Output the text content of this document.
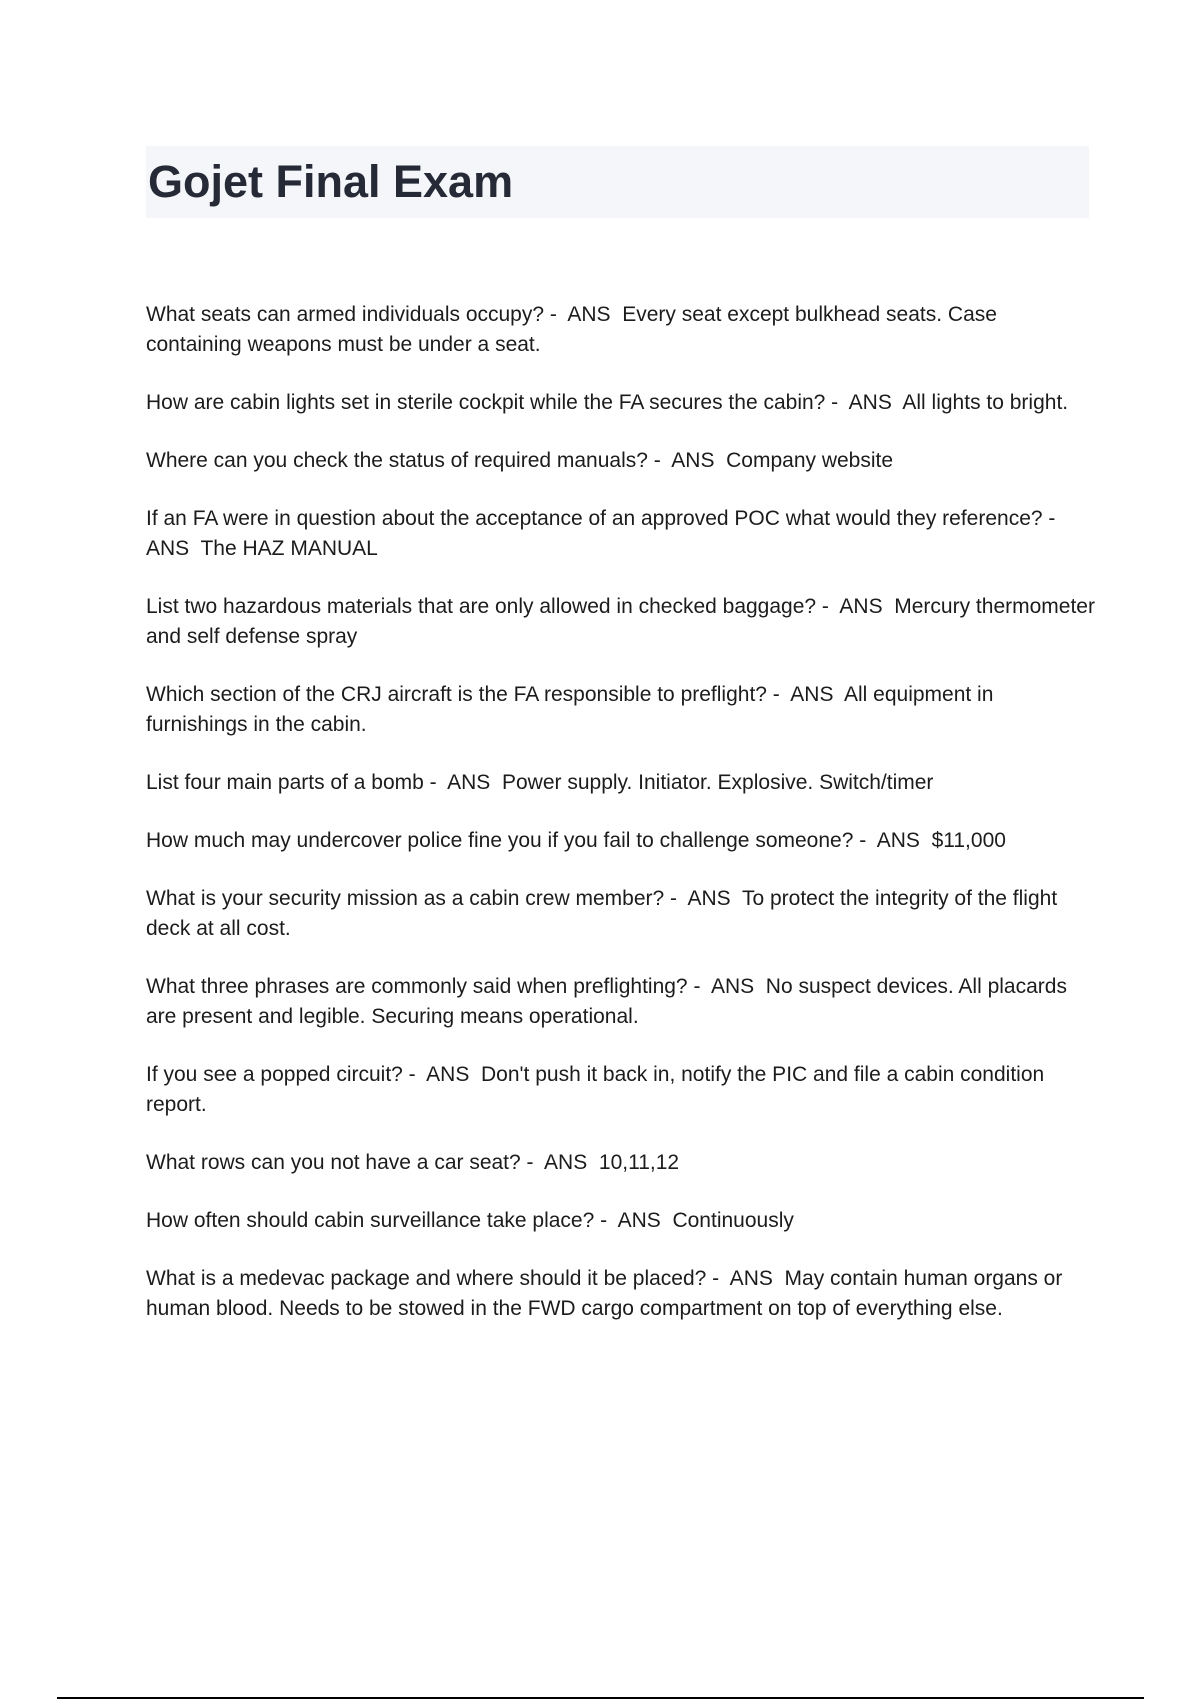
Gojet Final Exam
What seats can armed individuals occupy? -  ANS  Every seat except bulkhead seats. Case containing weapons must be under a seat.
How are cabin lights set in sterile cockpit while the FA secures the cabin? -  ANS  All lights to bright.
Where can you check the status of required manuals? -  ANS  Company website
If an FA were in question about the acceptance of an approved POC what would they reference? -  ANS  The HAZ MANUAL
List two hazardous materials that are only allowed in checked baggage? -  ANS  Mercury thermometer and self defense spray
Which section of the CRJ aircraft is the FA responsible to preflight? -  ANS  All equipment in furnishings in the cabin.
List four main parts of a bomb -  ANS  Power supply. Initiator. Explosive. Switch/timer
How much may undercover police fine you if you fail to challenge someone? -  ANS  $11,000
What is your security mission as a cabin crew member? -  ANS  To protect the integrity of the flight deck at all cost.
What three phrases are commonly said when preflighting? -  ANS  No suspect devices. All placards are present and legible. Securing means operational.
If you see a popped circuit? -  ANS  Don't push it back in, notify the PIC and file a cabin condition report.
What rows can you not have a car seat? -  ANS  10,11,12
How often should cabin surveillance take place? -  ANS  Continuously
What is a medevac package and where should it be placed? -  ANS  May contain human organs or human blood. Needs to be stowed in the FWD cargo compartment on top of everything else.
